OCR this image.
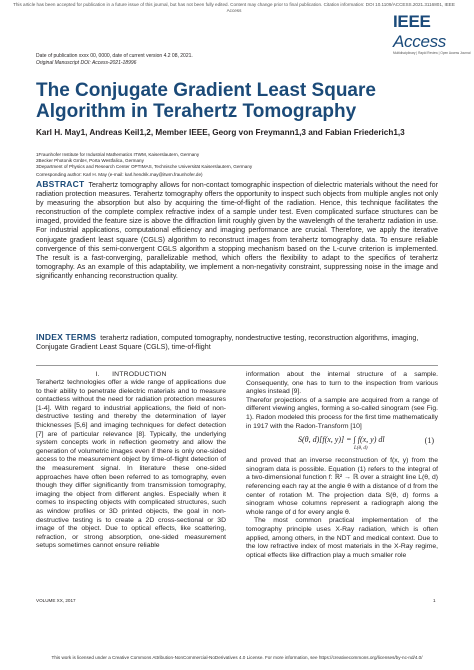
This article has been accepted for publication in a future issue of this journal, but has not been fully edited. Content may change prior to final publication. Citation information: DOI 10.1109/ACCESS.2021.3116801, IEEE Access
IEEE Access
Multidisciplinary | Rapid Review | Open Access Journal
Date of publication xxxx 00, 0000, date of current version 4.2 08, 2021.
Original Manuscript DOI: Access-2021-18996
The Conjugate Gradient Least Square Algorithm in Terahertz Tomography
Karl H. May1, Andreas Keil1,2, Member IEEE, Georg von Freymann1,3 and Fabian Friederich1,3
1Fraunhofer Institute for Industrial Mathematics ITWM, Kaiserslautern, Germany
2Becker Photonik GmbH, Porta Westfalica, Germany
3Department of Physics and Research Center OPTIMAS, Technische Universität Kaiserslautern, Germany
Corresponding author: Karl H. May (e-mail: karl.hendrik.may@itwm.fraunhofer.de)
ABSTRACT Terahertz tomography allows for non-contact tomographic inspection of dielectric materials without the need for radiation protection measures. Terahertz tomography offers the opportunity to inspect such objects from multiple angles not only by measuring the absorption but also by acquiring the time-of-flight of the radiation. Hence, this technique facilitates the reconstruction of the complete complex refractive index of a sample under test. Even complicated surface structures can be imaged, provided the feature size is above the diffraction limit roughly given by the wavelength of the terahertz radiation in use. For industrial applications, computational efficiency and imaging performance are crucial. Therefore, we apply the iterative conjugate gradient least square (CGLS) algorithm to reconstruct images from terahertz tomography data. To ensure reliable convergence of this semi-convergent CGLS algorithm a stopping mechanism based on the L-curve criterion is implemented. The result is a fast-converging, parallelizable method, which offers the flexibility to adapt to the specifics of terahertz tomography. As an example of this adaptability, we implement a non-negativity constraint, suppressing noise in the image and significantly enhancing reconstruction quality.
INDEX TERMS terahertz radiation, computed tomography, nondestructive testing, reconstruction algorithms, imaging, Conjugate Gradient Least Square (CGLS), time-of-flight
I.      INTRODUCTION

Terahertz technologies offer a wide range of applications due to their ability to penetrate dielectric materials and to measure contactless without the need for radiation protection measures [1-4]. With regard to industrial applications, the field of non-destructive testing and thereby the determination of layer thicknesses [5,6] and imaging techniques for defect detection [7] are of particular relevance [8]. Typically, the underlying system concepts work in reflection geometry and allow the generation of volumetric images even if there is only one-sided access to the measurement object by time-of-flight detection of the measurement signal. In literature these one-sided approaches have often been referred to as tomography, even though they differ significantly from transmission tomography, imaging the object from different angles. Especially when it comes to inspecting objects with complicated structures, such as window profiles or 3D printed objects, the goal in non-destructive testing is to create a 2D cross-sectional or 3D image of the object. Due to optical effects, like scattering, refraction, or strong absorption, one-sided measurement setups sometimes cannot ensure reliable

information about the internal structure of a sample. Consequently, one has to turn to the inspection from various angles instead [9].

Therefor projections of a sample are acquired from a range of different viewing angles, forming a so-called sinogram (see Fig. 1). Radon modeled this process for the first time mathematically in 1917 with the Radon-Transform [10]

S(θ, d)[f(x, y)] = ∫ f(x, y) dl
L(θ, d)
(1)

and proved that an inverse reconstruction of f(x, y) from the sinogram data is possible. Equation (1) refers to the integral of a two-dimensional function f: ℝ² → ℝ over a straight line L(θ, d) referencing each ray at the angle θ with a distance of d from the center of rotation M. The projection data S(θ, d) forms a sinogram whose columns represent a radiograph along the whole range of d for every angle θ.

The most common practical implementation of the tomography principle uses X-Ray radiation, which is often applied, among others, in the NDT and medical context. Due to the low refractive index of most materials in the X-Ray regime, optical effects like diffraction play a much smaller role

VOLUME XX, 2017	1
This work is licensed under a Creative Commons Attribution-NonCommercial-NoDerivatives 4.0 License. For more information, see https://creativecommons.org/licenses/by-nc-nd/4.0/
